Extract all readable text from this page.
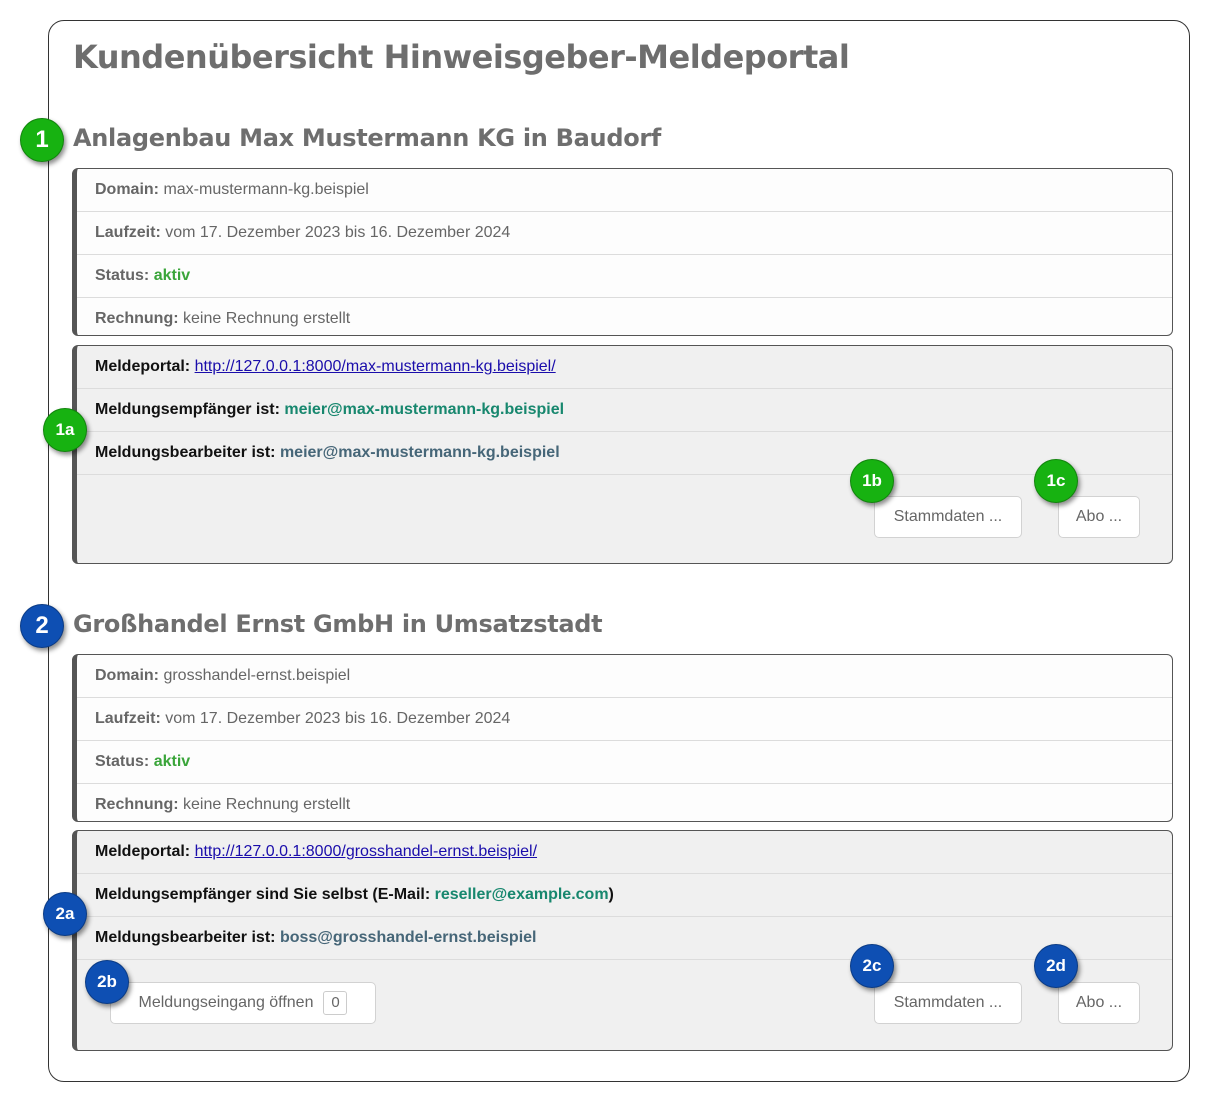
Kundenübersicht Hinweisgeber-Meldeportal
1	Anlagenbau Max Mustermann KG in Baudorf
Domain: max-mustermann-kg.beispiel
Laufzeit: vom 17. Dezember 2023 bis 16. Dezember 2024
Status: aktiv
Rechnung: keine Rechnung erstellt
Meldeportal: http://127.0.0.1:8000/max-mustermann-kg.beispiel/
Meldungsempfänger ist: meier@max-mustermann-kg.beispiel
Meldungsbearbeiter ist: meier@max-mustermann-kg.beispiel
Stammdaten ...	Abo ...
1a
1b	1c
2	Großhandel Ernst GmbH in Umsatzstadt
Domain: grosshandel-ernst.beispiel
Laufzeit: vom 17. Dezember 2023 bis 16. Dezember 2024
Status: aktiv
Rechnung: keine Rechnung erstellt
Meldeportal: http://127.0.0.1:8000/grosshandel-ernst.beispiel/
Meldungsempfänger sind Sie selbst (E-Mail: reseller@example.com)
Meldungsbearbeiter ist: boss@grosshandel-ernst.beispiel
Meldungseingang öffnen	0	Stammdaten ...	Abo ...
2a
2b
2c	2d
